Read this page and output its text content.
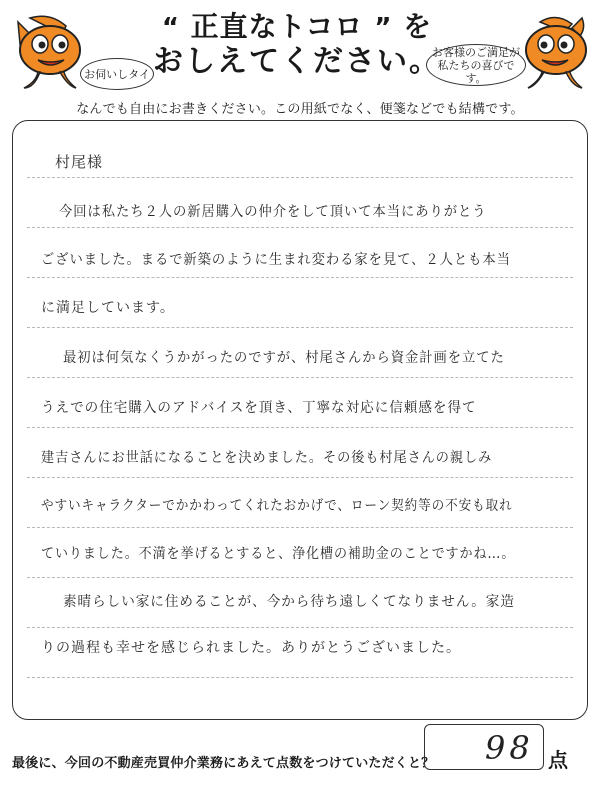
お伺いしタイ
お客様のご満足が私たちの喜びです。
“ 正直なトコロ ” を
おしえてください。
なんでも自由にお書きください。この用紙でなく、便箋などでも結構です。
村尾様
今回は私たち２人の新居購入の仲介をして頂いて本当にありがとう
ございました。まるで新築のように生まれ変わる家を見て、２人とも本当
に満足しています。
最初は何気なくうかがったのですが、村尾さんから資金計画を立てた
うえでの住宅購入のアドバイスを頂き、丁寧な対応に信頼感を得て
建吉さんにお世話になることを決めました。その後も村尾さんの親しみ
やすいキャラクターでかかわってくれたおかげで、ローン契約等の不安も取れ
ていりました。不満を挙げるとすると、浄化槽の補助金のことですかね…。
素晴らしい家に住めることが、今から待ち遠しくてなりません。家造
りの過程も幸せを感じられました。ありがとうございました。
最後に、今回の不動産売買仲介業務にあえて点数をつけていただくと？ 98 点
